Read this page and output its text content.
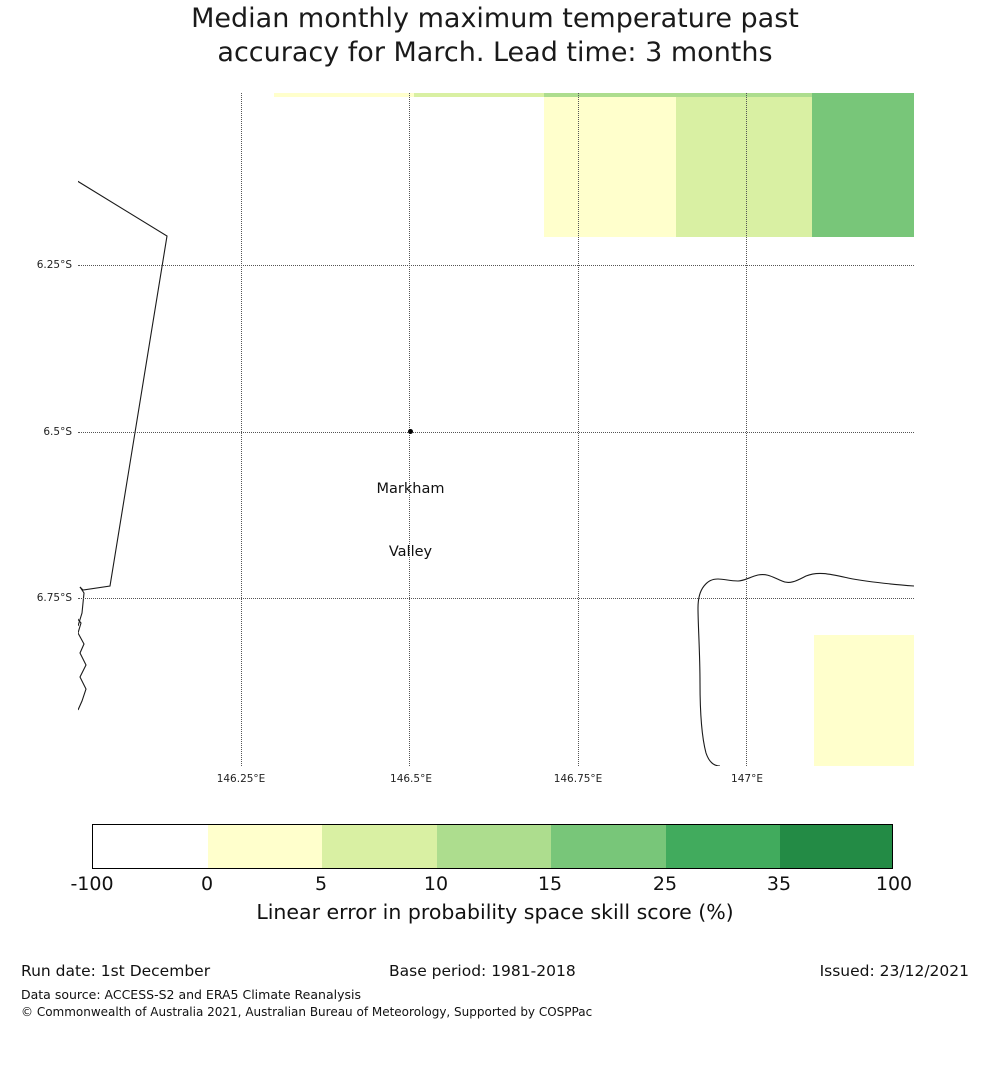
Median monthly maximum temperature past
accuracy for March. Lead time: 3 months

Markham

Valley

6.25°S
6.5°S
6.75°S
146.25°E	146.5°E	146.75°E	147°E
-100	0	5	10	15	25	35	100
Linear error in probability space skill score (%)
Run date: 1st December	Base period: 1981-2018	Issued: 23/12/2021
Data source: ACCESS-S2 and ERA5 Climate Reanalysis
© Commonwealth of Australia 2021, Australian Bureau of Meteorology, Supported by COSPPac
